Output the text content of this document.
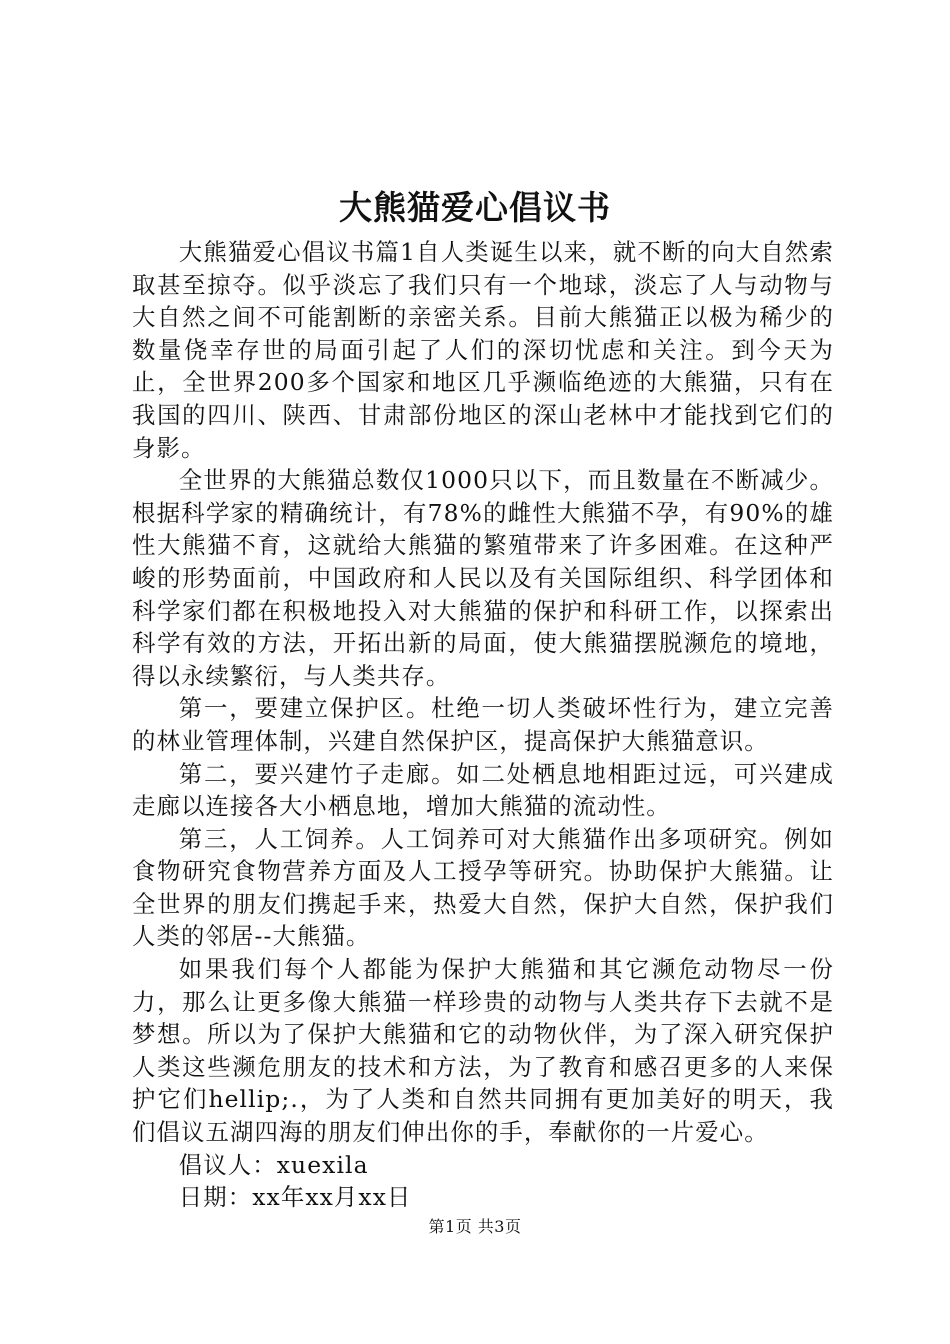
大熊猫爱心倡议书

大熊猫爱心倡议书篇1自人类诞生以来，就不断的向大自然索取甚至掠夺。似乎淡忘了我们只有一个地球，淡忘了人与动物与大自然之间不可能割断的亲密关系。目前大熊猫正以极为稀少的数量侥幸存世的局面引起了人们的深切忧虑和关注。到今天为止，全世界200多个国家和地区几乎濒临绝迹的大熊猫，只有在我国的四川、陕西、甘肃部份地区的深山老林中才能找到它们的身影。

全世界的大熊猫总数仅1000只以下，而且数量在不断减少。根据科学家的精确统计，有78%的雌性大熊猫不孕，有90%的雄性大熊猫不育，这就给大熊猫的繁殖带来了许多困难。在这种严峻的形势面前，中国政府和人民以及有关国际组织、科学团体和科学家们都在积极地投入对大熊猫的保护和科研工作，以探索出科学有效的方法，开拓出新的局面，使大熊猫摆脱濒危的境地，得以永续繁衍，与人类共存。

第一，要建立保护区。杜绝一切人类破坏性行为，建立完善的林业管理体制，兴建自然保护区，提高保护大熊猫意识。

第二，要兴建竹子走廊。如二处栖息地相距过远，可兴建成走廊以连接各大小栖息地，增加大熊猫的流动性。

第三，人工饲养。人工饲养可对大熊猫作出多项研究。例如食物研究食物营养方面及人工授孕等研究。协助保护大熊猫。让全世界的朋友们携起手来，热爱大自然，保护大自然，保护我们人类的邻居--大熊猫。

如果我们每个人都能为保护大熊猫和其它濒危动物尽一份力，那么让更多像大熊猫一样珍贵的动物与人类共存下去就不是梦想。所以为了保护大熊猫和它的动物伙伴，为了深入研究保护人类这些濒危朋友的技术和方法，为了教育和感召更多的人来保护它们hellip;.，为了人类和自然共同拥有更加美好的明天，我们倡议五湖四海的朋友们伸出你的手，奉献你的一片爱心。

倡议人：xuexila

日期：xx年xx月xx日

第1页 共3页
